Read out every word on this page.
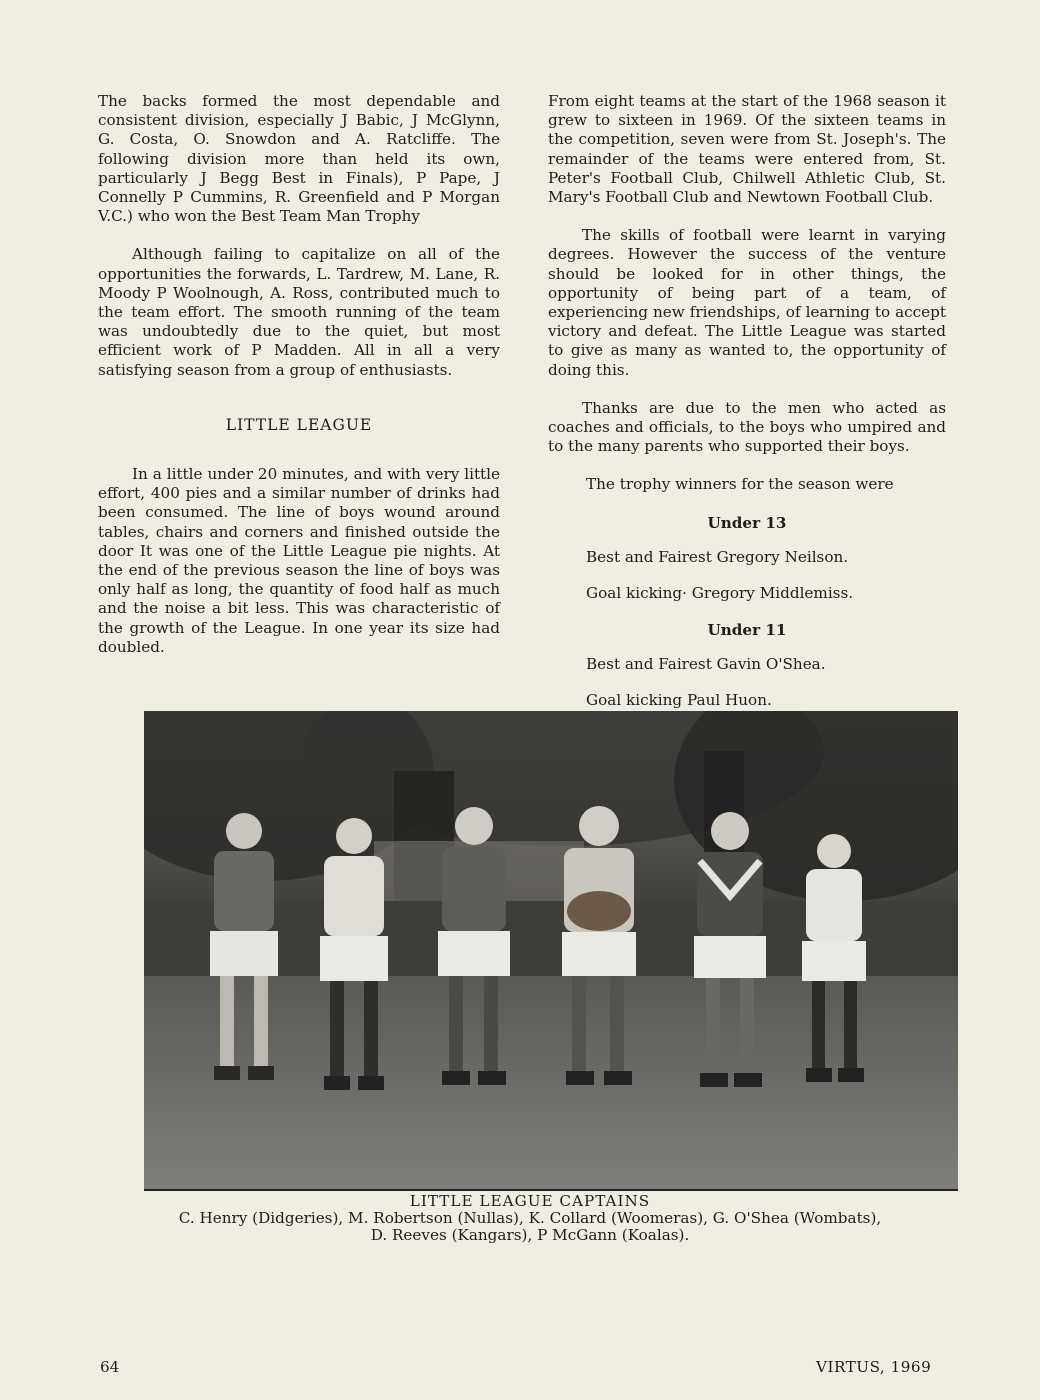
The backs formed the most dependable and consistent division, especially J Babic, J McGlynn, G. Costa, O. Snowdon and A. Ratcliffe. The following division more than held its own, particularly J Begg Best in Finals), P Pape, J Connelly P Cummins, R. Greenfield and P Morgan V.C.) who won the Best Team Man Trophy

Although failing to capitalize on all of the opportunities the forwards, L. Tardrew, M. Lane, R. Moody P Woolnough, A. Ross, contributed much to the team effort. The smooth running of the team was undoubtedly due to the quiet, but most efficient work of P Madden. All in all a very satisfying season from a group of enthusiasts.

LITTLE LEAGUE

In a little under 20 minutes, and with very little effort, 400 pies and a similar number of drinks had been consumed. The line of boys wound around tables, chairs and corners and finished outside the door It was one of the Little League pie nights. At the end of the previous season the line of boys was only half as long, the quantity of food half as much and the noise a bit less. This was characteristic of the growth of the League. In one year its size had doubled.

From eight teams at the start of the 1968 season it grew to sixteen in 1969. Of the sixteen teams in the competition, seven were from St. Joseph's. The remainder of the teams were entered from, St. Peter's Football Club, Chilwell Athletic Club, St. Mary's Football Club and Newtown Football Club.

The skills of football were learnt in varying degrees. However the success of the venture should be looked for in other things, the opportunity of being part of a team, of experiencing new friendships, of learning to accept victory and defeat. The Little League was started to give as many as wanted to, the opportunity of doing this.

Thanks are due to the men who acted as coaches and officials, to the boys who umpired and to the many parents who supported their boys.

The trophy winners for the season were

Under 13

Best and Fairest Gregory Neilson.

Goal kicking· Gregory Middlemiss.

Under 11

Best and Fairest Gavin O'Shea.

Goal kicking Paul Huon.

LITTLE LEAGUE CAPTAINS
C. Henry (Didgeries), M. Robertson (Nullas), K. Collard (Woomeras), G. O'Shea (Wombats),
D. Reeves (Kangars), P McGann (Koalas).
64	VIRTUS, 1969
